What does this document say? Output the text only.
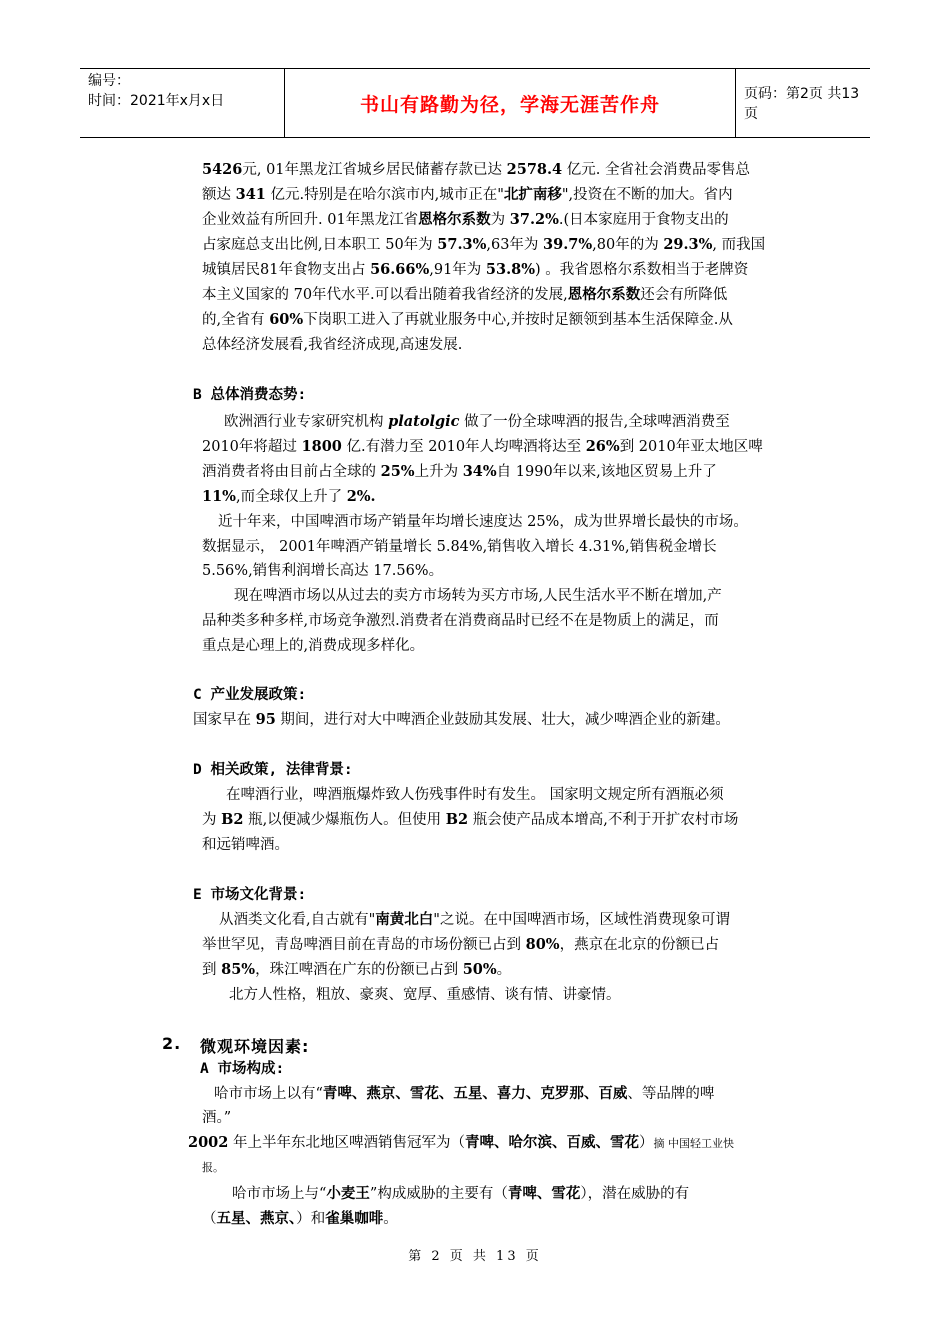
编号：
时间：2021年x月x日	书山有路勤为径，学海无涯苦作舟	页码：第2页 共13页
5426元, 01年黑龙江省城乡居民储蓄存款已达 2578.4 亿元. 全省社会消费品零售总
额达 341 亿元.特别是在哈尔滨市内,城市正在"北扩南移",投资在不断的加大。省内
企业效益有所回升. 01年黑龙江省恩格尔系数为 37.2%.(日本家庭用于食物支出的
占家庭总支出比例,日本职工 50年为 57.3%,63年为 39.7%,80年的为 29.3%, 而我国
城镇居民81年食物支出占 56.66%,91年为 53.8%) 。我省恩格尔系数相当于老牌资
本主义国家的 70年代水平.可以看出随着我省经济的发展,恩格尔系数还会有所降低
的,全省有 60%下岗职工进入了再就业服务中心,并按时足额领到基本生活保障金.从
总体经济发展看,我省经济成现,高速发展.
B 总体消费态势:
欧洲酒行业专家研究机构 platolgic 做了一份全球啤酒的报告,全球啤酒消费至
2010年将超过 1800 亿.有潜力至 2010年人均啤酒将达至 26%到 2010年亚太地区啤
酒消费者将由目前占全球的 25%上升为 34%自 1990年以来,该地区贸易上升了
11%,而全球仅上升了 2%.
近十年来，中国啤酒市场产销量年均增长速度达 25%，成为世界增长最快的市场。
数据显示， 2001年啤酒产销量增长 5.84%,销售收入增长 4.31%,销售税金增长
5.56%,销售利润增长高达 17.56%。
现在啤酒市场以从过去的卖方市场转为买方市场,人民生活水平不断在增加,产
品种类多种多样,市场竞争激烈.消费者在消费商品时已经不在是物质上的满足，而
重点是心理上的,消费成现多样化。
C 产业发展政策:
国家早在 95 期间，进行对大中啤酒企业鼓励其发展、壮大，减少啤酒企业的新建。
D 相关政策, 法律背景:
在啤酒行业，啤酒瓶爆炸致人伤残事件时有发生。 国家明文规定所有酒瓶必须
为 B2 瓶,以便减少爆瓶伤人。但使用 B2 瓶会使产品成本增高,不利于开扩农村市场
和远销啤酒。
E 市场文化背景:
从酒类文化看,自古就有"南黄北白"之说。在中国啤酒市场，区域性消费现象可谓
举世罕见，青岛啤酒目前在青岛的市场份额已占到 80%，燕京在北京的份额已占
到 85%，珠江啤酒在广东的份额已占到 50%。
北方人性格，粗放、豪爽、宽厚、重感情、谈有情、讲豪情。
2. 微观环境因素:
A 市场构成:
哈市市场上以有“青啤、燕京、雪花、五星、喜力、克罗那、百威、等品牌的啤
酒。”
2002 年上半年东北地区啤酒销售冠军为（青啤、哈尔滨、百威、雪花）摘 中国轻工业快
报。
哈市市场上与“小麦王”构成威胁的主要有（青啤、雪花），潜在威胁的有
（五星、燕京、）和雀巢咖啡。
第 2 页 共 13 页
